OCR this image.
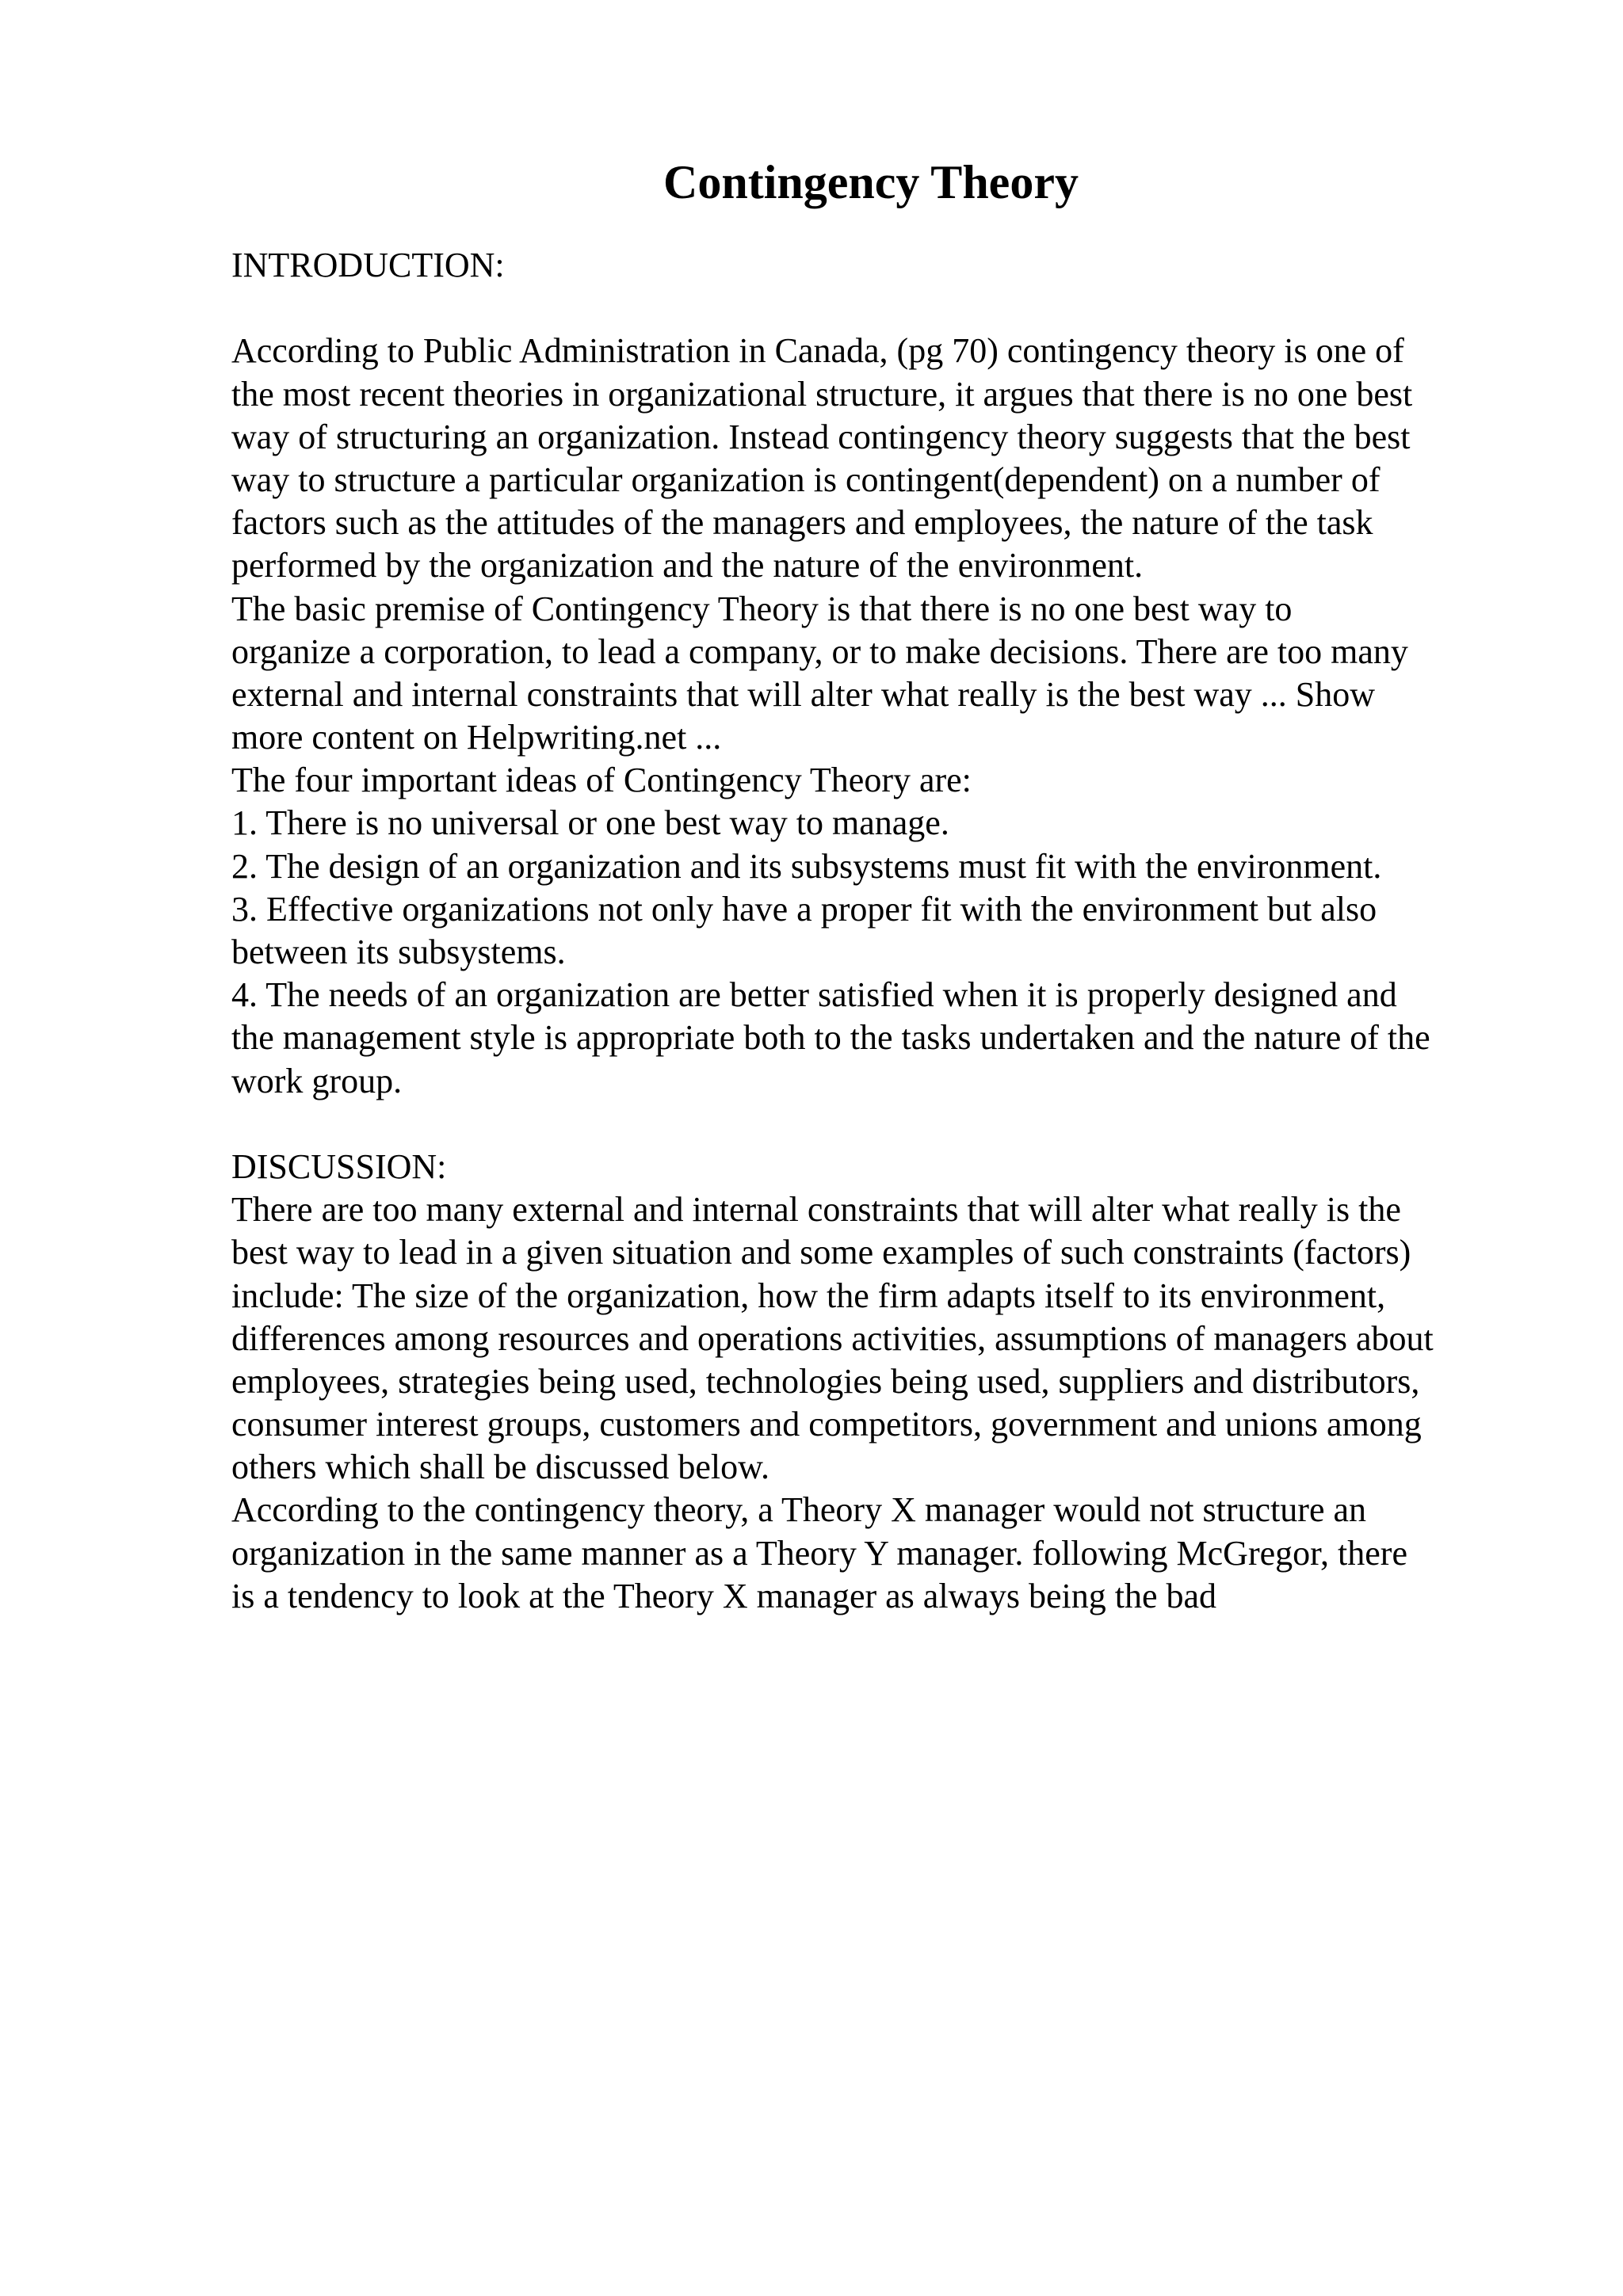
Contingency Theory
INTRODUCTION:
According to Public Administration in Canada, (pg 70) contingency theory is one of
the most recent theories in organizational structure, it argues that there is no one best
way of structuring an organization. Instead contingency theory suggests that the best
way to structure a particular organization is contingent(dependent) on a number of
factors such as the attitudes of the managers and employees, the nature of the task
performed by the organization and the nature of the environment.
The basic premise of Contingency Theory is that there is no one best way to
organize a corporation, to lead a company, or to make decisions. There are too many
external and internal constraints that will alter what really is the best way ... Show
more content on Helpwriting.net ...
The four important ideas of Contingency Theory are:
1. There is no universal or one best way to manage.
2. The design of an organization and its subsystems must fit with the environment.
3. Effective organizations not only have a proper fit with the environment but also
between its subsystems.
4. The needs of an organization are better satisfied when it is properly designed and
the management style is appropriate both to the tasks undertaken and the nature of the
work group.
DISCUSSION:
There are too many external and internal constraints that will alter what really is the
best way to lead in a given situation and some examples of such constraints (factors)
include: The size of the organization, how the firm adapts itself to its environment,
differences among resources and operations activities, assumptions of managers about
employees, strategies being used, technologies being used, suppliers and distributors,
consumer interest groups, customers and competitors, government and unions among
others which shall be discussed below.
According to the contingency theory, a Theory X manager would not structure an
organization in the same manner as a Theory Y manager. following McGregor, there
is a tendency to look at the Theory X manager as always being the bad
